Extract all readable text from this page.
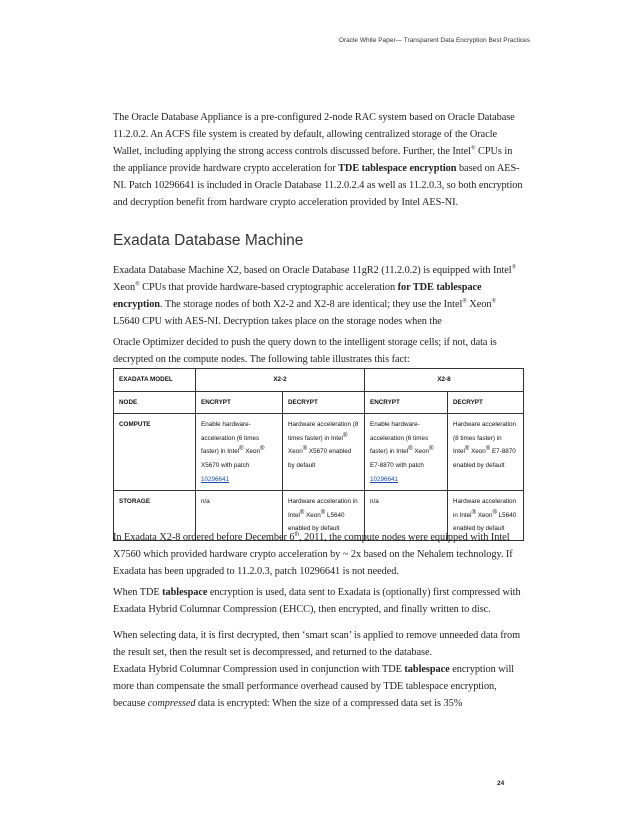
Oracle White Paper— Transparent Data Encryption Best Practices

The Oracle Database Appliance is a pre-configured 2-node RAC system based on Oracle Database 11.2.0.2. An ACFS file system is created by default, allowing centralized storage of the Oracle Wallet, including applying the strong access controls discussed before. Further, the Intel® CPUs in the appliance provide hardware crypto acceleration for TDE tablespace encryption based on AES-NI. Patch 10296641 is included in Oracle Database 11.2.0.2.4 as well as 11.2.0.3, so both encryption and decryption benefit from hardware crypto acceleration provided by Intel AES-NI.

Exadata Database Machine

Exadata Database Machine X2, based on Oracle Database 11gR2 (11.2.0.2) is equipped with Intel® Xeon® CPUs that provide hardware-based cryptographic acceleration for TDE tablespace encryption. The storage nodes of both X2-2 and X2-8 are identical; they use the Intel® Xeon® L5640 CPU with AES-NI. Decryption takes place on the storage nodes when the

Oracle Optimizer decided to push the query down to the intelligent storage cells; if not, data is decrypted on the compute nodes. The following table illustrates this fact:

EXADATA MODEL	X2-2		X2-8	
NODE	ENCRYPT	DECRYPT	ENCRYPT	DECRYPT
COMPUTE	Enable hardware-acceleration (6 times faster) in Intel® Xeon® X5670 with patch 10296641	Hardware acceleration (8 times faster) in Intel® Xeon® X5670 enabled by default	Enable hardware-acceleration (6 times faster) in Intel® Xeon® E7-8870 with patch 10296641	Hardware acceleration (8 times faster) in Intel® Xeon® E7-8870 enabled by default
STORAGE	n/a	Hardware acceleration in Intel® Xeon® L5640 enabled by default	n/a	Hardware acceleration in Intel® Xeon® L5640 enabled by default

In Exadata X2-8 ordered before December 6th, 2011, the compute nodes were equipped with Intel X7560 which provided hardware crypto acceleration by ~ 2x based on the Nehalem technology. If Exadata has been upgraded to 11.2.0.3, patch 10296641 is not needed.

When TDE tablespace encryption is used, data sent to Exadata is (optionally) first compressed with Exadata Hybrid Columnar Compression (EHCC), then encrypted, and finally written to disc.

When selecting data, it is first decrypted, then ‘smart scan’ is applied to remove unneeded data from the result set, then the result set is decompressed, and returned to the database.

Exadata Hybrid Columnar Compression used in conjunction with TDE tablespace encryption will more than compensate the small performance overhead caused by TDE tablespace encryption, because compressed data is encrypted: When the size of a compressed data set is 35%

24
